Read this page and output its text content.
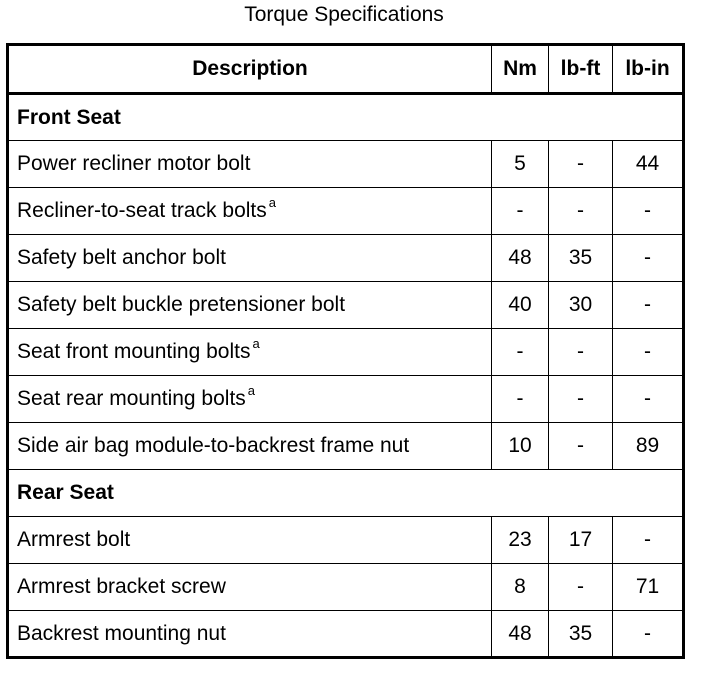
Torque Specifications
Description	Nm	lb-ft	lb-in
Front Seat			
Power recliner motor bolt	5	-	44
Recliner-to-seat track bolts $^a$	-	-	-
Safety belt anchor bolt	48	35	-
Safety belt buckle pretensioner bolt	40	30	-
Seat front mounting bolts $^a$	-	-	-
Seat rear mounting bolts $^a$	-	-	-
Side air bag module-to-backrest frame nut	10	-	89
Rear Seat			
Armrest bolt	23	17	-
Armrest bracket screw	8	-	71
Backrest mounting nut	48	35	-
